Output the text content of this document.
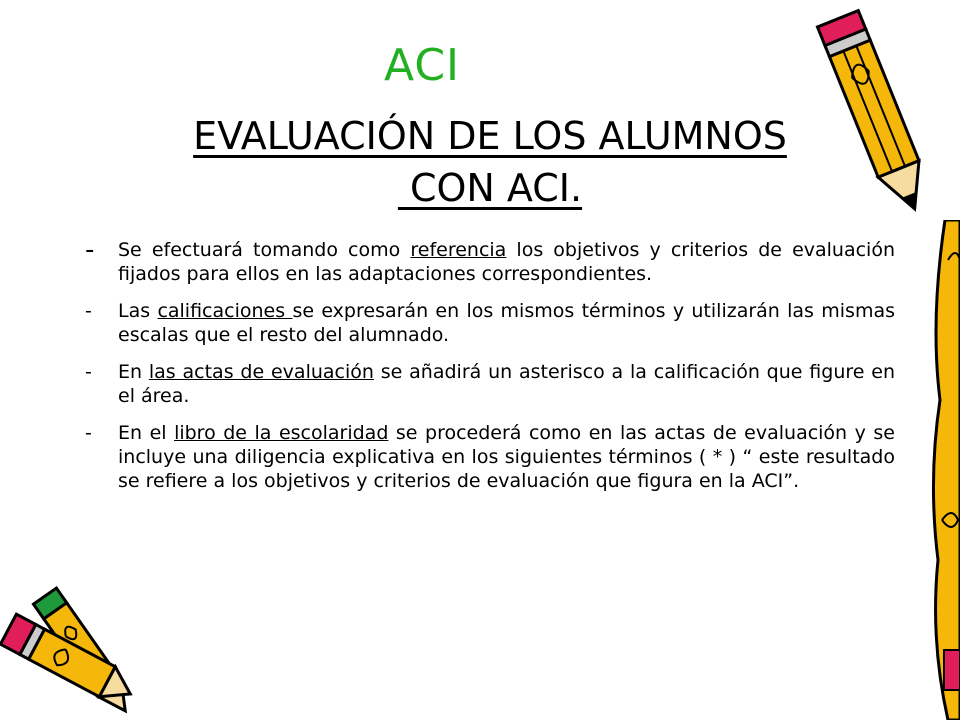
ACI
EVALUACIÓN DE LOS ALUMNOS
CON ACI.
-	Se efectuará tomando como referencia los objetivos y criterios de evaluación fijados para ellos en las adaptaciones correspondientes.
-	Las calificaciones se expresarán en los mismos términos y utilizarán las mismas escalas que el resto del alumnado.
-	En las actas de evaluación se añadirá un asterisco a la calificación que figure en el área.
-	En el libro de la escolaridad se procederá como en las actas de evaluación y se incluye una diligencia explicativa en los siguientes términos ( * ) “ este resultado se refiere a los objetivos y criterios de evaluación que figura en la ACI”.
